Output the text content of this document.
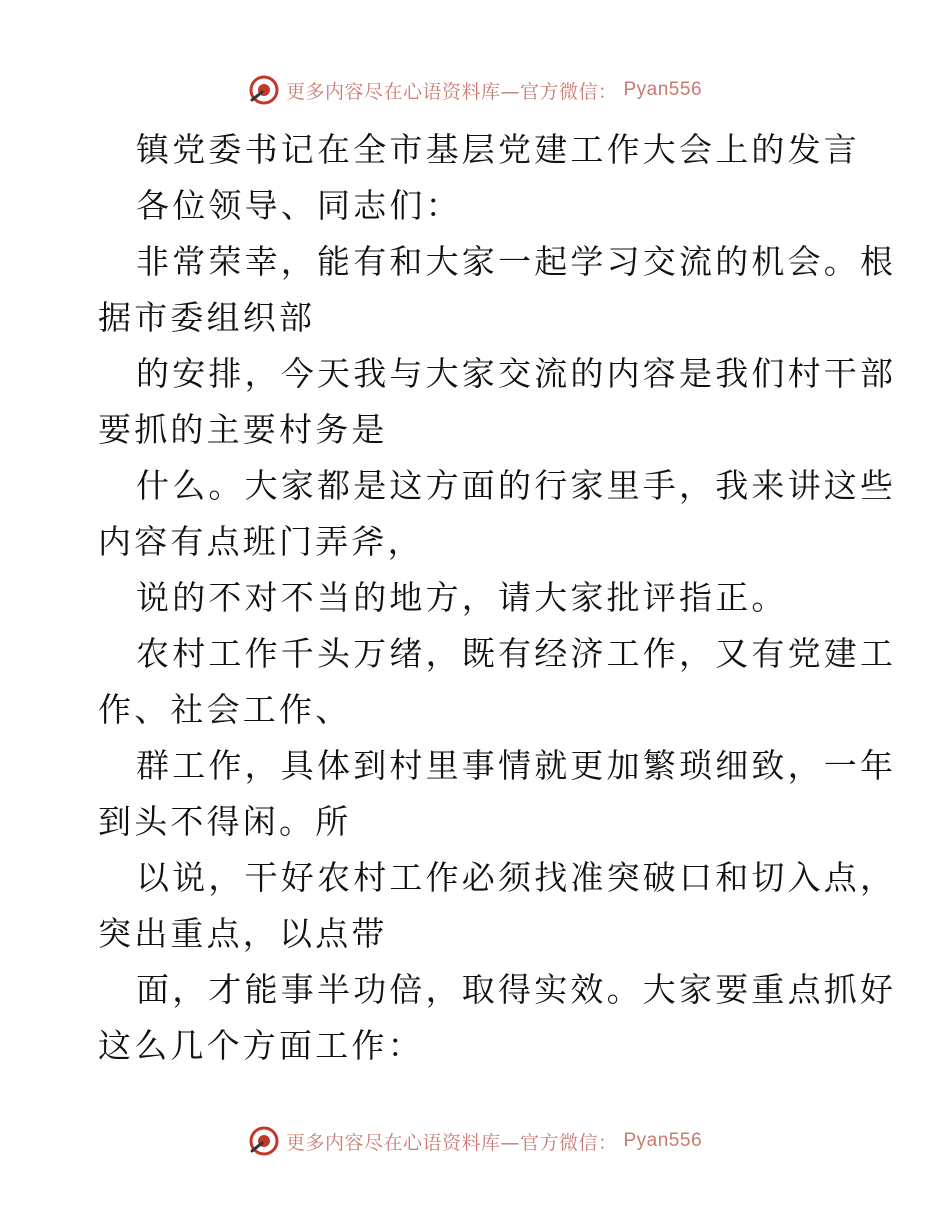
更多内容尽在心语资料库—官方微信： Pyan556
镇党委书记在全市基层党建工作大会上的发言
各位领导、同志们：
非常荣幸，能有和大家一起学习交流的机会。根
据市委组织部
的安排，今天我与大家交流的内容是我们村干部
要抓的主要村务是
什么。大家都是这方面的行家里手，我来讲这些
内容有点班门弄斧，
说的不对不当的地方，请大家批评指正。
农村工作千头万绪，既有经济工作，又有党建工
作、社会工作、
群工作，具体到村里事情就更加繁琐细致，一年
到头不得闲。所
以说，干好农村工作必须找准突破口和切入点，
突出重点，以点带
面，才能事半功倍，取得实效。大家要重点抓好
这么几个方面工作：
更多内容尽在心语资料库—官方微信： Pyan556
